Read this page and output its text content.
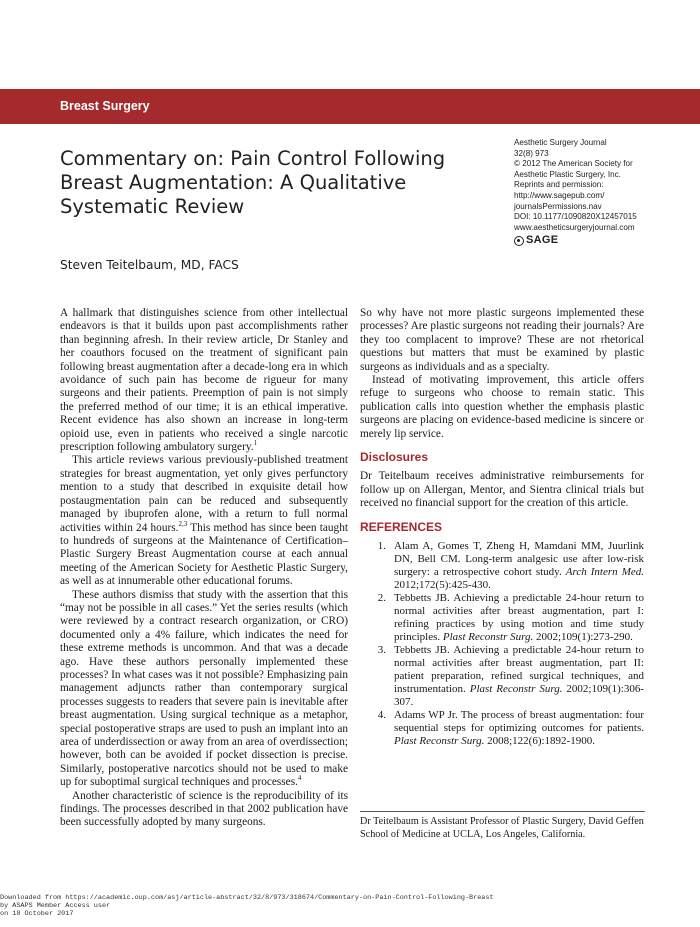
Breast Surgery
Commentary on: Pain Control Following Breast Augmentation: A Qualitative Systematic Review
Aesthetic Surgery Journal
32(8) 973
© 2012 The American Society for
Aesthetic Plastic Surgery, Inc.
Reprints and permission:
http://www.sagepub.com/
journalsPermissions.nav
DOI: 10.1177/1090820X12457015
www.aestheticsurgeryjournal.com
SAGE
Steven Teitelbaum, MD, FACS

A hallmark that distinguishes science from other intellectual endeavors is that it builds upon past accomplishments rather than beginning afresh. In their review article, Dr Stanley and her coauthors focused on the treatment of significant pain following breast augmentation after a decade-long era in which avoidance of such pain has become de rigueur for many surgeons and their patients. Preemption of pain is not simply the preferred method of our time; it is an ethical imperative. Recent evidence has also shown an increase in long-term opioid use, even in patients who received a single narcotic prescription following ambulatory surgery.$^1$

This article reviews various previously-published treatment strategies for breast augmentation, yet only gives perfunctory mention to a study that described in exquisite detail how postaugmentation pain can be reduced and subsequently managed by ibuprofen alone, with a return to full normal activities within 24 hours.$^{2,3}$ This method has since been taught to hundreds of surgeons at the Maintenance of Certification–Plastic Surgery Breast Augmentation course at each annual meeting of the American Society for Aesthetic Plastic Surgery, as well as at innumerable other educational forums.

These authors dismiss that study with the assertion that this “may not be possible in all cases.” Yet the series results (which were reviewed by a contract research organization, or CRO) documented only a 4% failure, which indicates the need for these extreme methods is uncommon. And that was a decade ago. Have these authors personally implemented these processes? In what cases was it not possible? Emphasizing pain management adjuncts rather than contemporary surgical processes suggests to readers that severe pain is inevitable after breast augmentation. Using surgical technique as a metaphor, special postoperative straps are used to push an implant into an area of underdissection or away from an area of overdissection; however, both can be avoided if pocket dissection is precise. Similarly, postoperative narcotics should not be used to make up for suboptimal surgical techniques and processes.$^4$

Another characteristic of science is the reproducibility of its findings. The processes described in that 2002 publication have been successfully adopted by many surgeons.

So why have not more plastic surgeons implemented these processes? Are plastic surgeons not reading their journals? Are they too complacent to improve? These are not rhetorical questions but matters that must be examined by plastic surgeons as individuals and as a specialty.

Instead of motivating improvement, this article offers refuge to surgeons who choose to remain static. This publication calls into question whether the emphasis plastic surgeons are placing on evidence-based medicine is sincere or merely lip service.

Disclosures

Dr Teitelbaum receives administrative reimbursements for follow up on Allergan, Mentor, and Sientra clinical trials but received no financial support for the creation of this article.

REFERENCES
1. Alam A, Gomes T, Zheng H, Mamdani MM, Juurlink DN, Bell CM. Long-term analgesic use after low-risk surgery: a retrospective cohort study. Arch Intern Med. 2012;172(5):425-430.
2. Tebbetts JB. Achieving a predictable 24-hour return to normal activities after breast augmentation, part I: refining practices by using motion and time study principles. Plast Reconstr Surg. 2002;109(1):273-290.
3. Tebbetts JB. Achieving a predictable 24-hour return to normal activities after breast augmentation, part II: patient preparation, refined surgical techniques, and instrumentation. Plast Reconstr Surg. 2002;109(1):306-307.
4. Adams WP Jr. The process of breast augmentation: four sequential steps for optimizing outcomes for patients. Plast Reconstr Surg. 2008;122(6):1892-1900.
Dr Teitelbaum is Assistant Professor of Plastic Surgery, David Geffen School of Medicine at UCLA, Los Angeles, California.
Downloaded from https://academic.oup.com/asj/article-abstract/32/8/973/318674/Commentary-on-Pain-Control-Following-Breast
by ASAPS Member Access user
on 18 October 2017
